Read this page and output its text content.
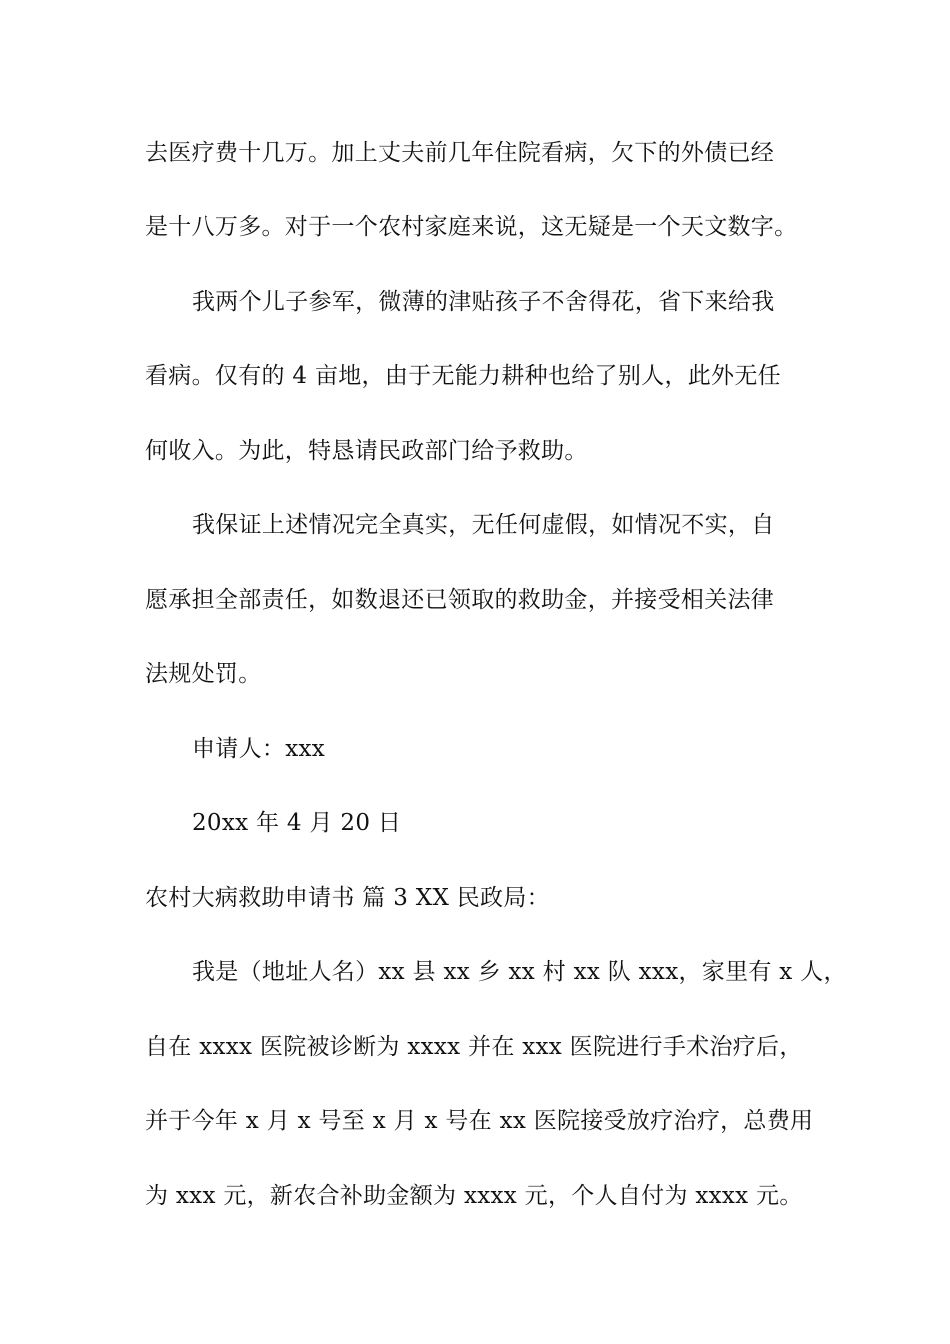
去医疗费十几万。加上丈夫前几年住院看病，欠下的外债已经
是十八万多。对于一个农村家庭来说，这无疑是一个天文数字。
我两个儿子参军，微薄的津贴孩子不舍得花，省下来给我
看病。仅有的 4 亩地，由于无能力耕种也给了别人，此外无任
何收入。为此，特恳请民政部门给予救助。
我保证上述情况完全真实，无任何虚假，如情况不实，自
愿承担全部责任，如数退还已领取的救助金，并接受相关法律
法规处罚。
申请人：xxx
20xx 年 4 月 20 日
农村大病救助申请书 篇 3 XX 民政局：
我是（地址人名）xx 县 xx 乡 xx 村 xx 队 xxx，家里有 x 人，
自在 xxxx 医院被诊断为 xxxx 并在 xxx 医院进行手术治疗后，
并于今年 x 月 x 号至 x 月 x 号在 xx 医院接受放疗治疗，总费用
为 xxx 元，新农合补助金额为 xxxx 元，个人自付为 xxxx 元。
